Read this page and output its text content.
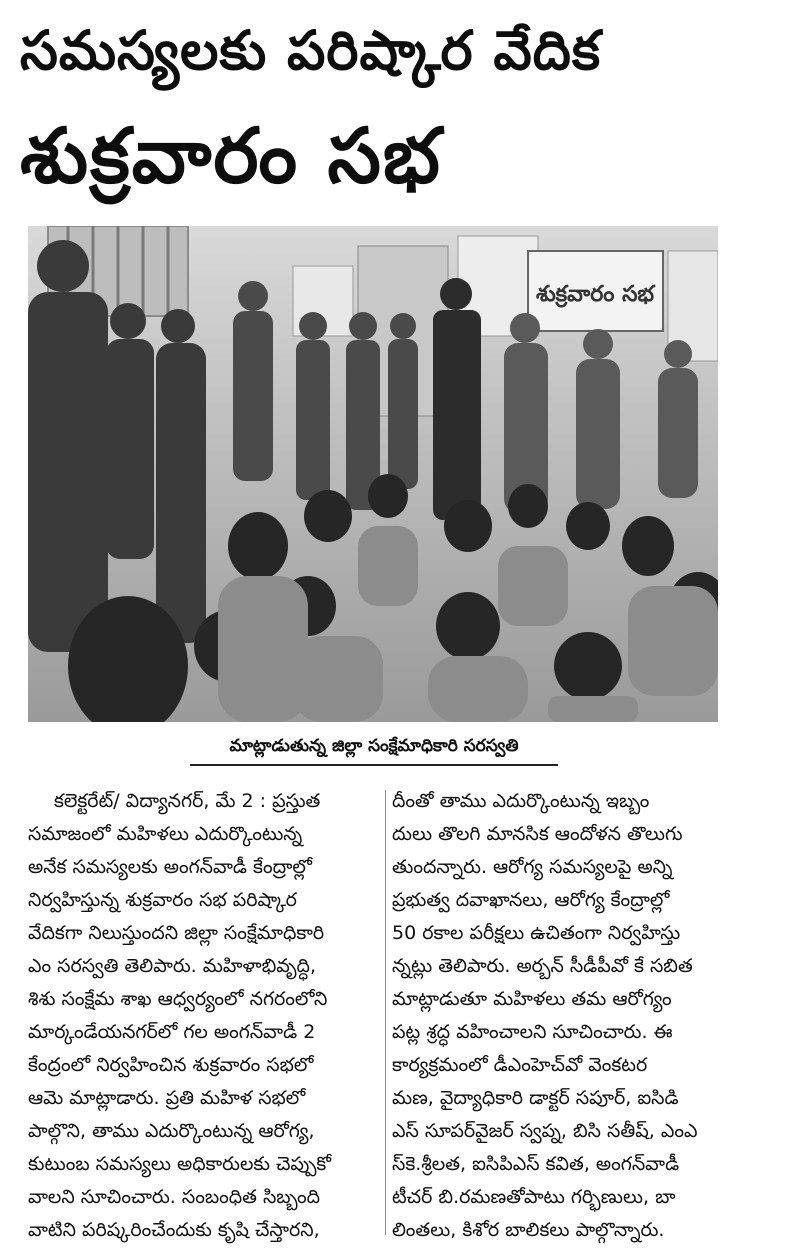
సమస్యలకు పరిష్కార వేదిక
శుక్రవారం సభ
శుక్రవారం సభ
మాట్లాడుతున్న జిల్లా సంక్షేమాధికారి సరస్వతి
కలెక్టరేట్/ విద్యానగర్, మే 2 : ప్రస్తుత
సమాజంలో మహిళలు ఎదుర్కొంటున్న
అనేక సమస్యలకు అంగన్‌వాడీ కేంద్రాల్లో
నిర్వహిస్తున్న శుక్రవారం సభ పరిష్కార
వేదికగా నిలుస్తుందని జిల్లా సంక్షేమాధికారి
ఎం సరస్వతి తెలిపారు. మహిళాభివృద్ధి,
శిశు సంక్షేమ శాఖ ఆధ్వర్యంలో నగరంలోని
మార్కండేయనగర్‌లో గల అంగన్‌వాడీ 2
కేంద్రంలో నిర్వహించిన శుక్రవారం సభలో
ఆమె మాట్లాడారు. ప్రతి మహిళ సభలో
పాల్గొని, తాము ఎదుర్కొంటున్న ఆరోగ్య,
కుటుంబ సమస్యలు అధికారులకు చెప్పుకో
వాలని సూచించారు. సంబంధిత సిబ్బంది
వాటిని పరిష్కరించేందుకు కృషి చేస్తారని,
దీంతో తాము ఎదుర్కొంటున్న ఇబ్బం
దులు తొలగి మానసిక ఆందోళన తొలుగు
తుందన్నారు. ఆరోగ్య సమస్యలపై అన్ని
ప్రభుత్వ దవాఖానలు, ఆరోగ్య కేంద్రాల్లో
50 రకాల పరీక్షలు ఉచితంగా నిర్వహిస్తు
న్నట్లు తెలిపారు. అర్బన్ సీడీపీవో కే సబిత
మాట్లాడుతూ మహిళలు తమ ఆరోగ్యం
పట్ల శ్రద్ధ వహించాలని సూచించారు. ఈ
కార్యక్రమంలో డీఎంహెచ్‌వో వెంకటర
మణ, వైద్యాధికారి డాక్టర్ సపూర్, ఐసిడి
ఎస్ సూపర్‌వైజర్ స్వప్న, బిసి సతీష్, ఎంఎ
స్‌కె.శ్రీలత, ఐసిపిఎస్ కవిత, అంగన్‌వాడీ
టీచర్ బి.రమణతోపాటు గర్భిణులు, బా
లింతలు, కిశోర బాలికలు పాల్గొన్నారు.
